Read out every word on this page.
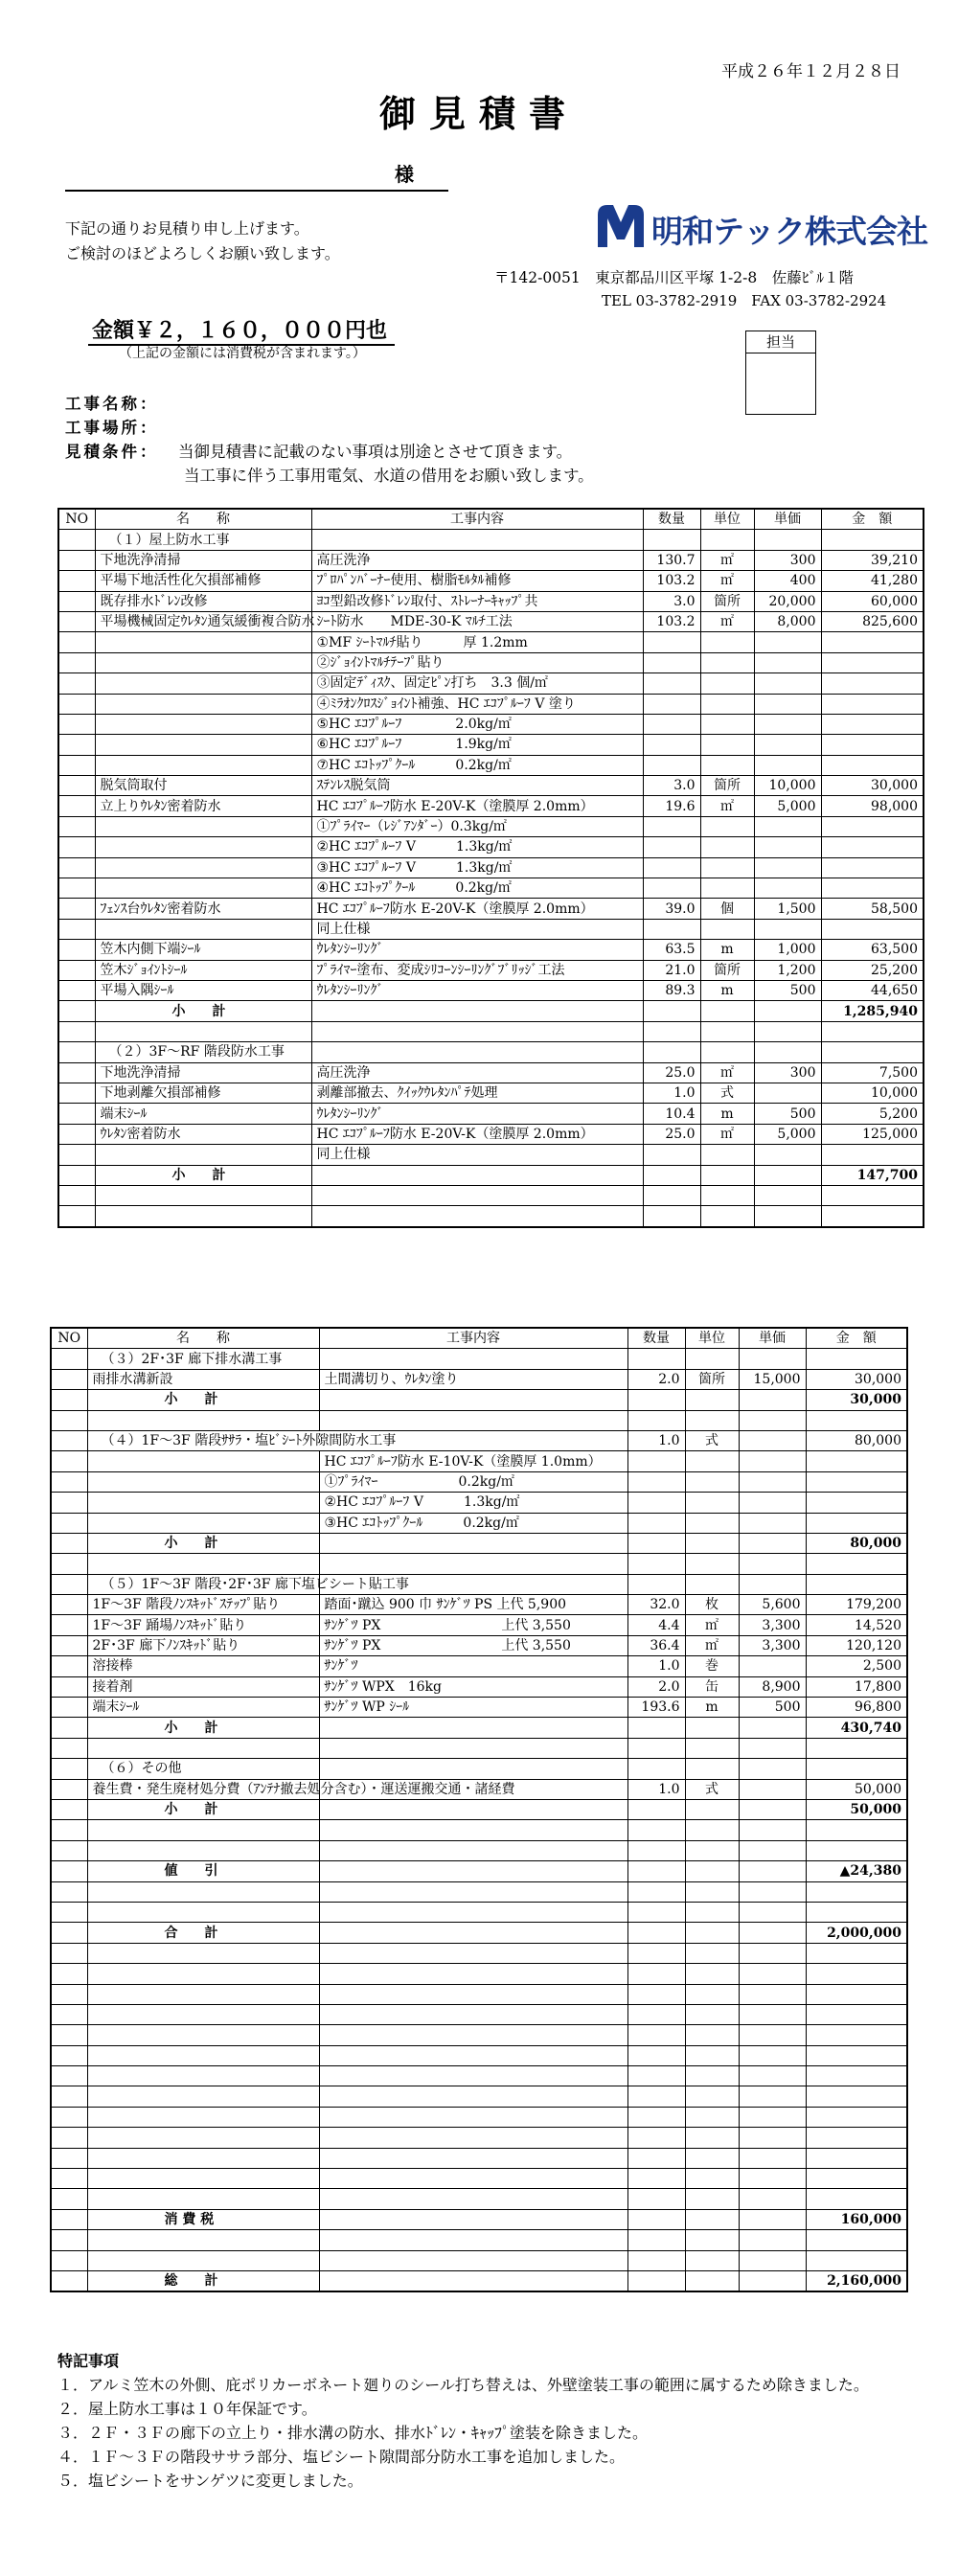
平成２６年１２月２８日
御見積書
様
下記の通りお見積り申し上げます。
ご検討のほどよろしくお願い致します。
明和テック株式会社
〒142-0051　東京都品川区平塚 1-2-8　佐藤ﾋﾞﾙ１階
TEL 03-3782-2919　FAX 03-3782-2924
金額￥２，１６０，０００円也
（上記の金額には消費税が含まれます。）
担当
工事名称：
工事場所：
見積条件： 当御見積書に記載のない事項は別途とさせて頂きます。
当工事に伴う工事用電気、水道の借用をお願い致します。
NO	名　　称	工事内容	数量	単位	単価	金　額
	（１）屋上防水工事					
	下地洗浄清掃	高圧洗浄	130.7	㎡	300	39,210
	平場下地活性化欠損部補修	ﾌﾟﾛﾊﾟﾝﾊﾞｰﾅｰ使用、樹脂ﾓﾙﾀﾙ補修	103.2	㎡	400	41,280
	既存排水ﾄﾞﾚﾝ改修	ﾖｺ型鉛改修ﾄﾞﾚﾝ取付、ｽﾄﾚｰﾅｰｷｬｯﾌﾟ共	3.0	箇所	20,000	60,000
	平場機械固定ｳﾚﾀﾝ通気緩衝複合防水	ｼｰﾄ防水　　MDE-30-K ﾏﾙﾁ工法	103.2	㎡	8,000	825,600
		①MF ｼｰﾄﾏﾙﾁ貼り　　　厚 1.2mm				
		②ｼﾞｮｲﾝﾄﾏﾙﾁﾃｰﾌﾟ貼り				
		③固定ﾃﾞｨｽｸ、固定ﾋﾟﾝ打ち　3.3 個/㎡				
		④ﾐﾗｵﾝｸﾛｽｼﾞｮｲﾝﾄ補強、HC ｴｺﾌﾟﾙｰﾌ V 塗り				
		⑤HC ｴｺﾌﾟﾙｰﾌ　　　　2.0kg/㎡				
		⑥HC ｴｺﾌﾟﾙｰﾌ　　　　1.9kg/㎡				
		⑦HC ｴｺﾄｯﾌﾟｸｰﾙ　　　0.2kg/㎡				
	脱気筒取付	ｽﾃﾝﾚｽ脱気筒	3.0	箇所	10,000	30,000
	立上りｳﾚﾀﾝ密着防水	HC ｴｺﾌﾟﾙｰﾌ防水 E-20V-K（塗膜厚 2.0mm）	19.6	㎡	5,000	98,000
		①ﾌﾟﾗｲﾏｰ（ﾚｼﾞｱﾝﾀﾞｰ）0.3kg/㎡				
		②HC ｴｺﾌﾟﾙｰﾌ V　　　1.3kg/㎡				
		③HC ｴｺﾌﾟﾙｰﾌ V　　　1.3kg/㎡				
		④HC ｴｺﾄｯﾌﾟｸｰﾙ　　　0.2kg/㎡				
	ﾌｪﾝｽ台ｳﾚﾀﾝ密着防水	HC ｴｺﾌﾟﾙｰﾌ防水 E-20V-K（塗膜厚 2.0mm）	39.0	個	1,500	58,500
		同上仕様				
	笠木内側下端ｼｰﾙ	ｳﾚﾀﾝｼｰﾘﾝｸﾞ	63.5	m	1,000	63,500
	笠木ｼﾞｮｲﾝﾄｼｰﾙ	ﾌﾟﾗｲﾏｰ塗布、変成ｼﾘｺｰﾝｼｰﾘﾝｸﾞﾌﾞﾘｯｼﾞ工法	21.0	箇所	1,200	25,200
	平場入隅ｼｰﾙ	ｳﾚﾀﾝｼｰﾘﾝｸﾞ	89.3	m	500	44,650
	小　　計					1,285,940

	（２）3F～RF 階段防水工事					
	下地洗浄清掃	高圧洗浄	25.0	㎡	300	7,500
	下地剥離欠損部補修	剥離部撤去、ｸｲｯｸｳﾚﾀﾝﾊﾟﾃ処理	1.0	式		10,000
	端末ｼｰﾙ	ｳﾚﾀﾝｼｰﾘﾝｸﾞ	10.4	m	500	5,200
	ｳﾚﾀﾝ密着防水	HC ｴｺﾌﾟﾙｰﾌ防水 E-20V-K（塗膜厚 2.0mm）	25.0	㎡	5,000	125,000
		同上仕様				
	小　　計					147,700

NO	名　　称	工事内容	数量	単位	単価	金　額
	（３）2F･3F 廊下排水溝工事					
	雨排水溝新設	土間溝切り、ｳﾚﾀﾝ塗り	2.0	箇所	15,000	30,000
	小　　計					30,000

	（４）1F～3F 階段ｻｻﾗ・塩ﾋﾞｼｰﾄ外隙間防水工事		1.0	式		80,000
		HC ｴｺﾌﾟﾙｰﾌ防水 E-10V-K（塗膜厚 1.0mm）				
		①ﾌﾟﾗｲﾏｰ　　　　　　0.2kg/㎡				
		②HC ｴｺﾌﾟﾙｰﾌ V　　　1.3kg/㎡				
		③HC ｴｺﾄｯﾌﾟｸｰﾙ　　　0.2kg/㎡				
	小　　計					80,000

	（５）1F～3F 階段･2F･3F 廊下塩ビシート貼工事					
	1F～3F 階段ﾉﾝｽｷｯﾄﾞｽﾃｯﾌﾟ貼り	踏面･蹴込 900 巾 ｻﾝｹﾞﾂ PS 上代 5,900	32.0	枚	5,600	179,200
	1F～3F 踊場ﾉﾝｽｷｯﾄﾞ貼り	ｻﾝｹﾞﾂ PX　　　　　　　　　上代 3,550	4.4	㎡	3,300	14,520
	2F･3F 廊下ﾉﾝｽｷｯﾄﾞ貼り	ｻﾝｹﾞﾂ PX　　　　　　　　　上代 3,550	36.4	㎡	3,300	120,120
	溶接棒	ｻﾝｹﾞﾂ	1.0	巻		2,500
	接着剤	ｻﾝｹﾞﾂ WPX　16kg	2.0	缶	8,900	17,800
	端末ｼｰﾙ	ｻﾝｹﾞﾂ WP ｼｰﾙ	193.6	m	500	96,800
	小　　計					430,740

	（６）その他					
	養生費・発生廃材処分費（ｱﾝﾃﾅ撤去処分含む）・運送運搬交通・諸経費		1.0	式		50,000
	小　　計					50,000

	値　　引					▲24,380

	合　　計					2,000,000

	消 費 税					160,000

	総　　計					2,160,000
特記事項
１．アルミ笠木の外側、庇ポリカーボネート廻りのシール打ち替えは、外壁塗装工事の範囲に属するため除きました。
２．屋上防水工事は１０年保証です。
３．２Ｆ・３Ｆの廊下の立上り・排水溝の防水、排水ﾄﾞﾚﾝ・ｷｬｯﾌﾟ塗装を除きました。
４．１Ｆ～３Ｆの階段ササラ部分、塩ビシート隙間部分防水工事を追加しました。
５．塩ビシートをサンゲツに変更しました。
